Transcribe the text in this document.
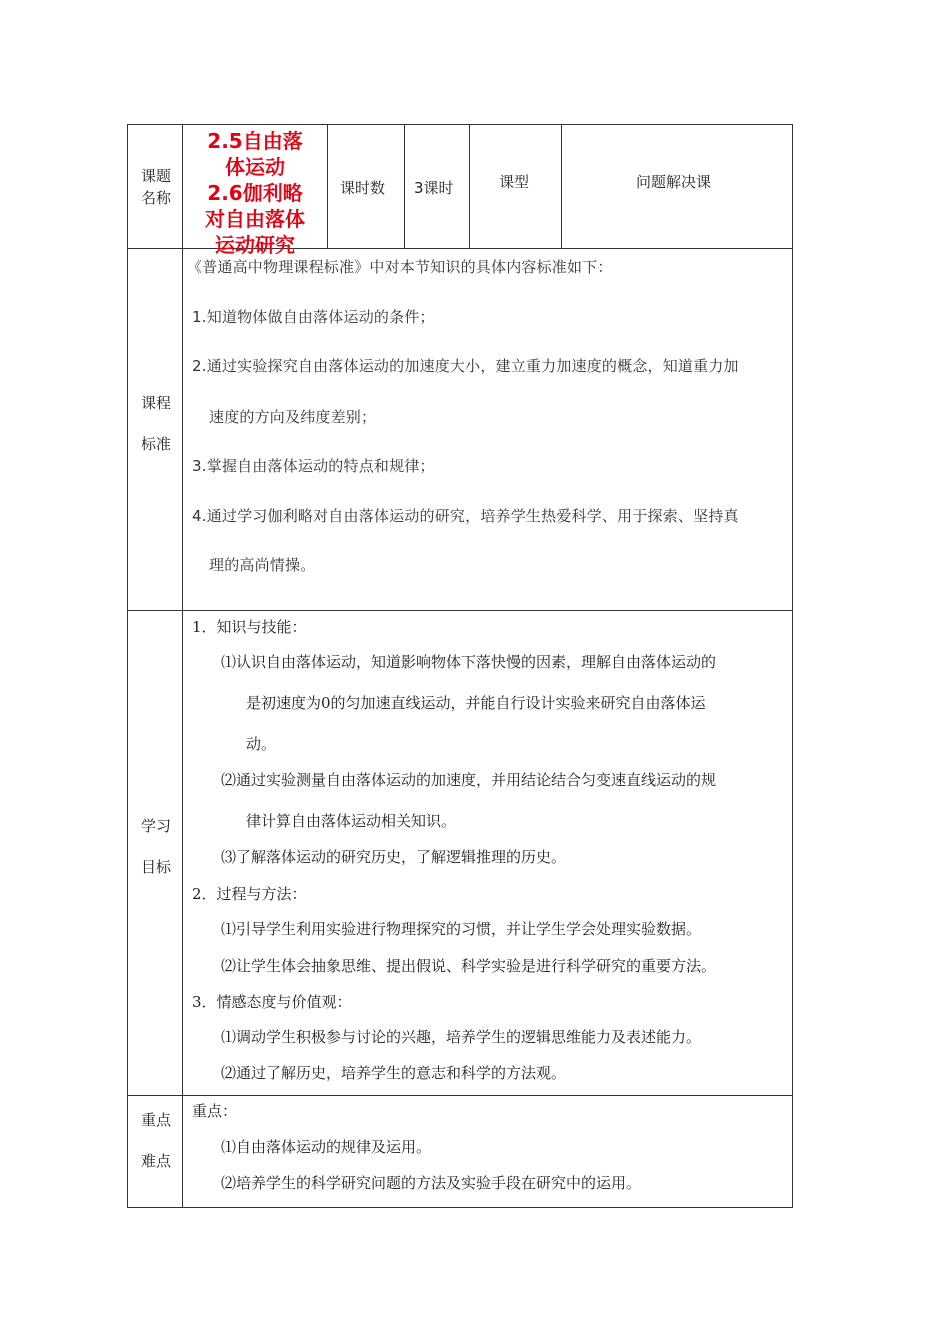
课题
名称
2.5自由落
体运动
2.6伽利略
对自由落体
运动研究
课时数 3课时	课型	问题解决课
课程
标准
《普通高中物理课程标准》中对本节知识的具体内容标准如下：
1.知道物体做自由落体运动的条件；
2.通过实验探究自由落体运动的加速度大小，建立重力加速度的概念，知道重力加
速度的方向及纬度差别；
3.掌握自由落体运动的特点和规律；
4.通过学习伽利略对自由落体运动的研究，培养学生热爱科学、用于探索、坚持真
理的高尚情操。
学习
目标
1．知识与技能：
⑴认识自由落体运动，知道影响物体下落快慢的因素，理解自由落体运动的
是初速度为0的匀加速直线运动，并能自行设计实验来研究自由落体运
动。
⑵通过实验测量自由落体运动的加速度，并用结论结合匀变速直线运动的规
律计算自由落体运动相关知识。
⑶了解落体运动的研究历史，了解逻辑推理的历史。
2．过程与方法：
⑴引导学生利用实验进行物理探究的习惯，并让学生学会处理实验数据。
⑵让学生体会抽象思维、提出假说、科学实验是进行科学研究的重要方法。
3．情感态度与价值观：
⑴调动学生积极参与讨论的兴趣，培养学生的逻辑思维能力及表述能力。
⑵通过了解历史，培养学生的意志和科学的方法观。
重点
难点
重点：
⑴自由落体运动的规律及运用。
⑵培养学生的科学研究问题的方法及实验手段在研究中的运用。
